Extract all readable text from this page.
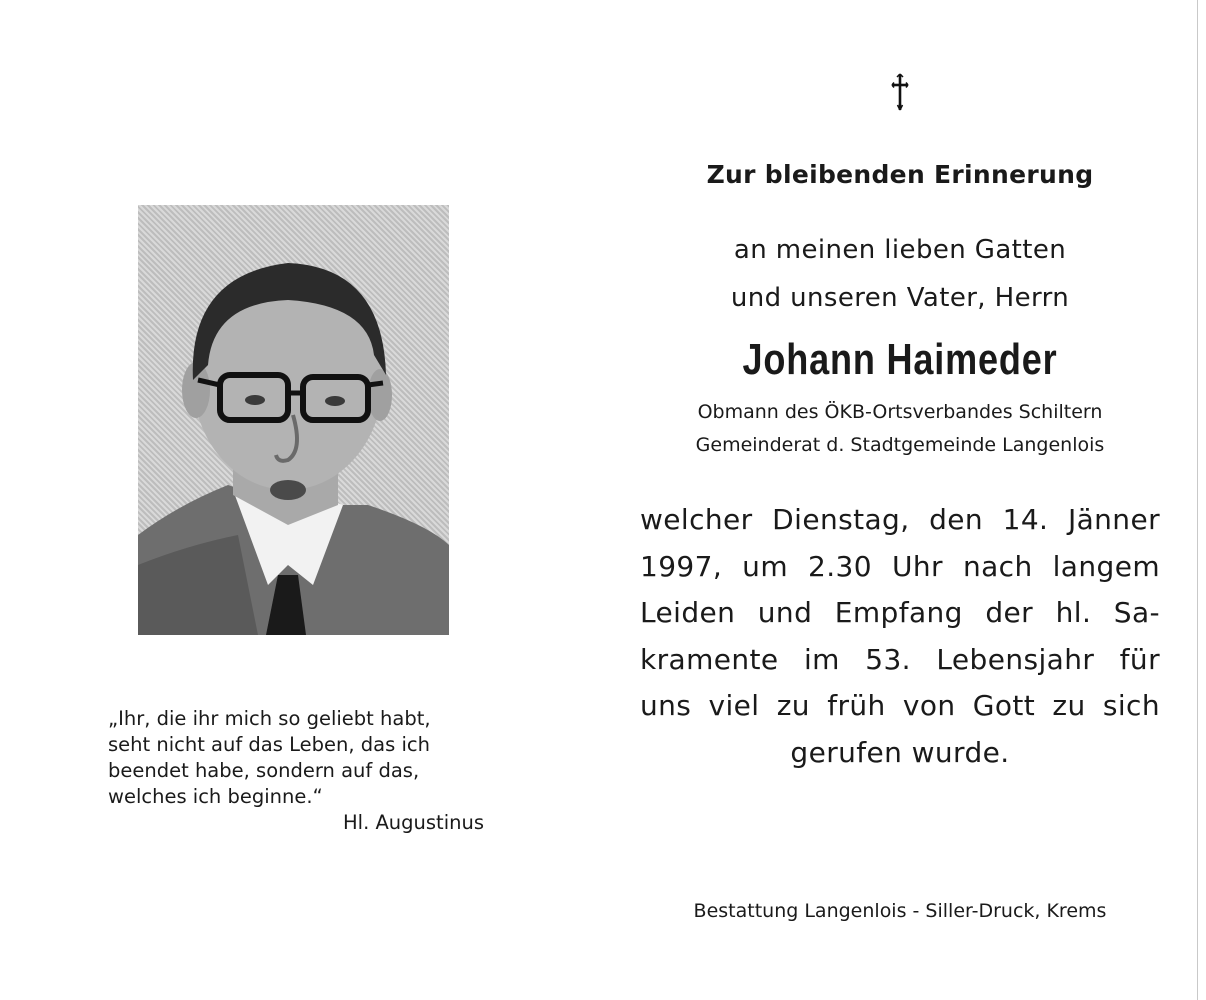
Zur bleibenden Erinnerung
an meinen lieben Gatten
und unseren Vater, Herrn
Johann Haimeder
Obmann des ÖKB-Ortsverbandes Schiltern
Gemeinderat d. Stadtgemeinde Langenlois
welcher Dienstag, den 14. Jänner
1997, um 2.30 Uhr nach langem
Leiden und Empfang der hl. Sa-
kramente im 53. Lebensjahr für
uns viel zu früh von Gott zu sich
gerufen wurde.
„Ihr, die ihr mich so geliebt habt,
seht nicht auf das Leben, das ich
beendet habe, sondern auf das,
welches ich beginne.“
Hl. Augustinus
Bestattung Langenlois - Siller-Druck, Krems
